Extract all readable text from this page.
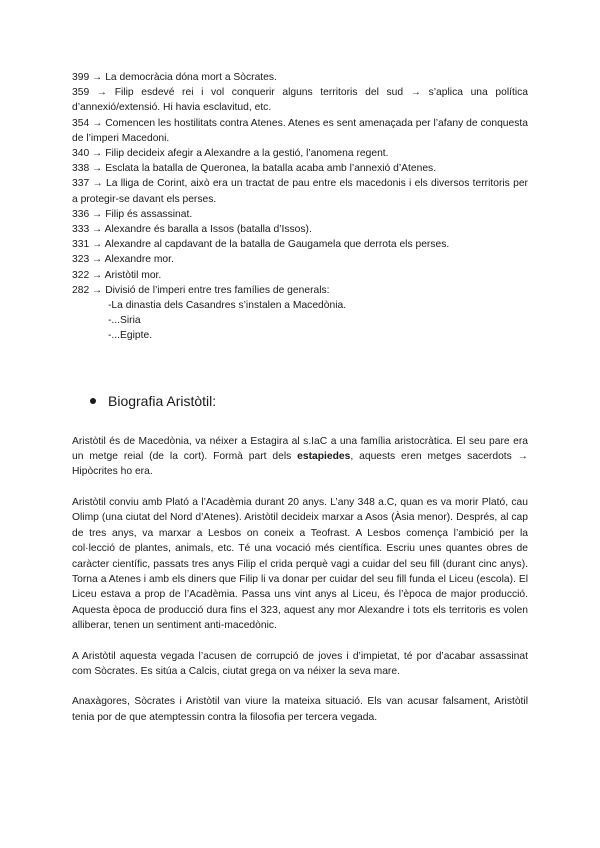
399 → La democràcia dóna mort a Sòcrates.
359 → Filip esdevé rei i vol conquerir alguns territoris del sud → s’aplica una política d’annexió/extensió. Hi havia esclavitud, etc.
354 → Comencen les hostilitats contra Atenes. Atenes es sent amenaçada per l’afany de conquesta de l’imperi Macedoni.
340 → Filip decideix afegir a Alexandre a la gestió, l’anomena regent.
338 → Esclata la batalla de Queronea, la batalla acaba amb l’annexió d’Atenes.
337 → La lliga de Corint, això era un tractat de pau entre els macedonis i els diversos territoris per a protegir-se davant els perses.
336 → Filip és assassinat.
333 → Alexandre és baralla a Issos (batalla d’Issos).
331 → Alexandre al capdavant de la batalla de Gaugamela que derrota els perses.
323 → Alexandre mor.
322 → Aristòtil mor.
282 → Divisió de l’imperi entre tres famílies de generals:
-La dinastia dels Casandres s’instalen a Macedònia.
-...Siria
-...Egipte.
Biografia Aristòtil:

Aristòtil és de Macedònia, va néixer a Estagira al s.IaC a una família aristocràtica. El seu pare era un metge reial (de la cort). Formà part dels estapiedes, aquests eren metges sacerdots → Hipòcrites ho era.

Aristòtil conviu amb Plató a l’Acadèmia durant 20 anys. L’any 348 a.C, quan es va morir Plató, cau Olimp (una ciutat del Nord d’Atenes). Aristòtil decideix marxar a Asos (Àsia menor). Després, al cap de tres anys, va marxar a Lesbos on coneix a Teofrast. A Lesbos comença l’ambició per la col·lecció de plantes, animals, etc. Té una vocació més científica. Escriu unes quantes obres de caràcter científic, passats tres anys Filip el crida perquè vagi a cuidar del seu fill (durant cinc anys). Torna a Atenes i amb els diners que Filip li va donar per cuidar del seu fill funda el Liceu (escola). El Liceu estava a prop de l’Acadèmia. Passa uns vint anys al Liceu, és l’època de major producció. Aquesta època de producció dura fins el 323, aquest any mor Alexandre i tots els territoris es volen alliberar, tenen un sentiment anti-macedònic.

A Aristòtil aquesta vegada l’acusen de corrupció de joves i d’impietat, té por d’acabar assassinat com Sòcrates. Es sitúa a Calcis, ciutat grega on va néixer la seva mare.

Anaxàgores, Sòcrates i Aristòtil van viure la mateixa situació. Els van acusar falsament, Aristòtil tenia por de que atemptessin contra la filosofia per tercera vegada.
